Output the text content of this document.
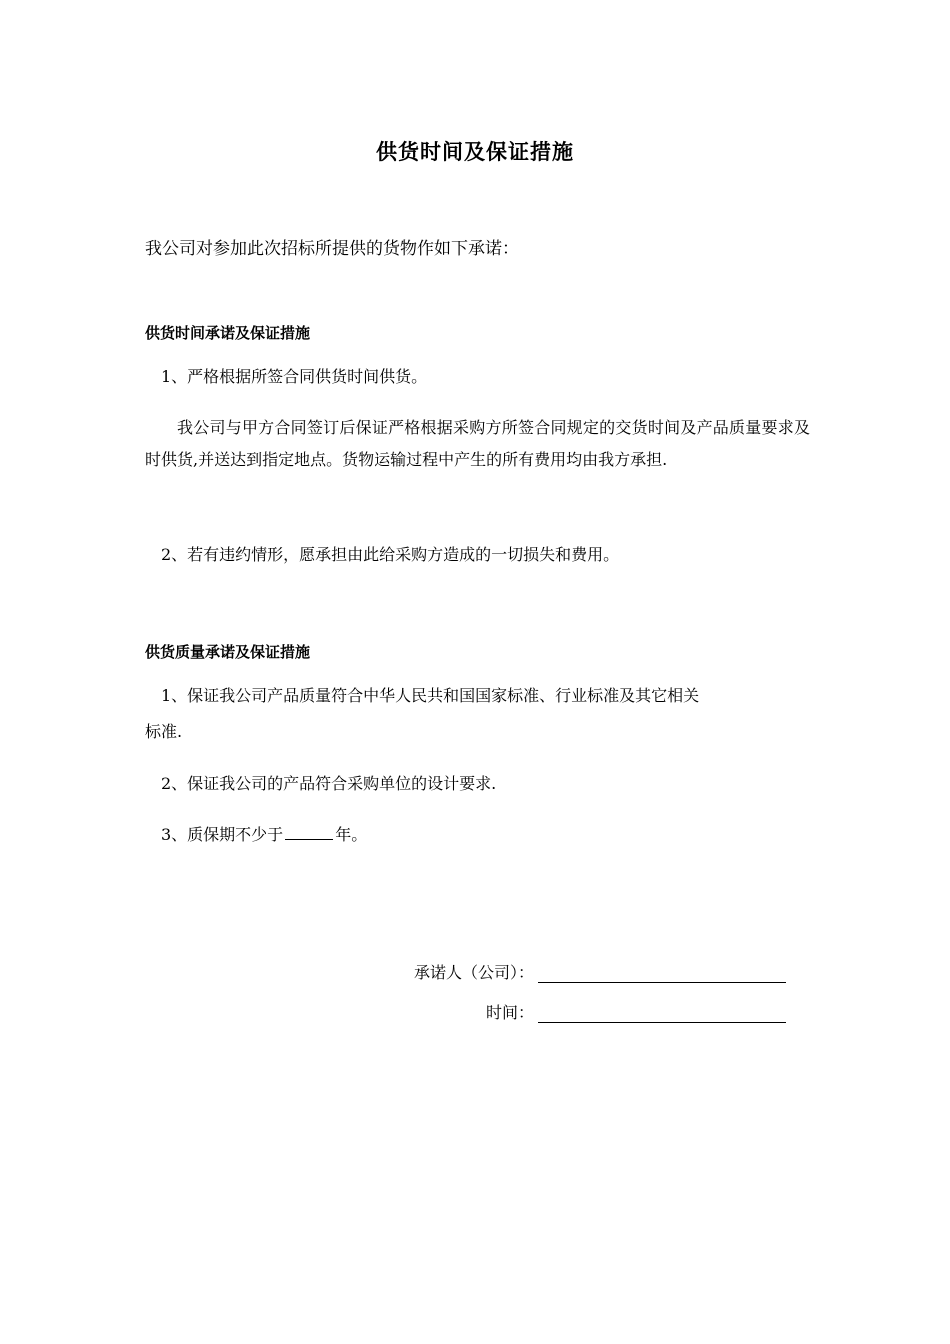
供货时间及保证措施
我公司对参加此次招标所提供的货物作如下承诺：
供货时间承诺及保证措施
1、严格根据所签合同供货时间供货。
我公司与甲方合同签订后保证严格根据采购方所签合同规定的交货时间及产品质量要求及时供货,并送达到指定地点。货物运输过程中产生的所有费用均由我方承担.
2、若有违约情形，愿承担由此给采购方造成的一切损失和费用。
供货质量承诺及保证措施
1、保证我公司产品质量符合中华人民共和国国家标准、行业标准及其它相关
标准.
2、保证我公司的产品符合采购单位的设计要求.
3、质保期不少于	年。
承诺人（公司）：
时间：
